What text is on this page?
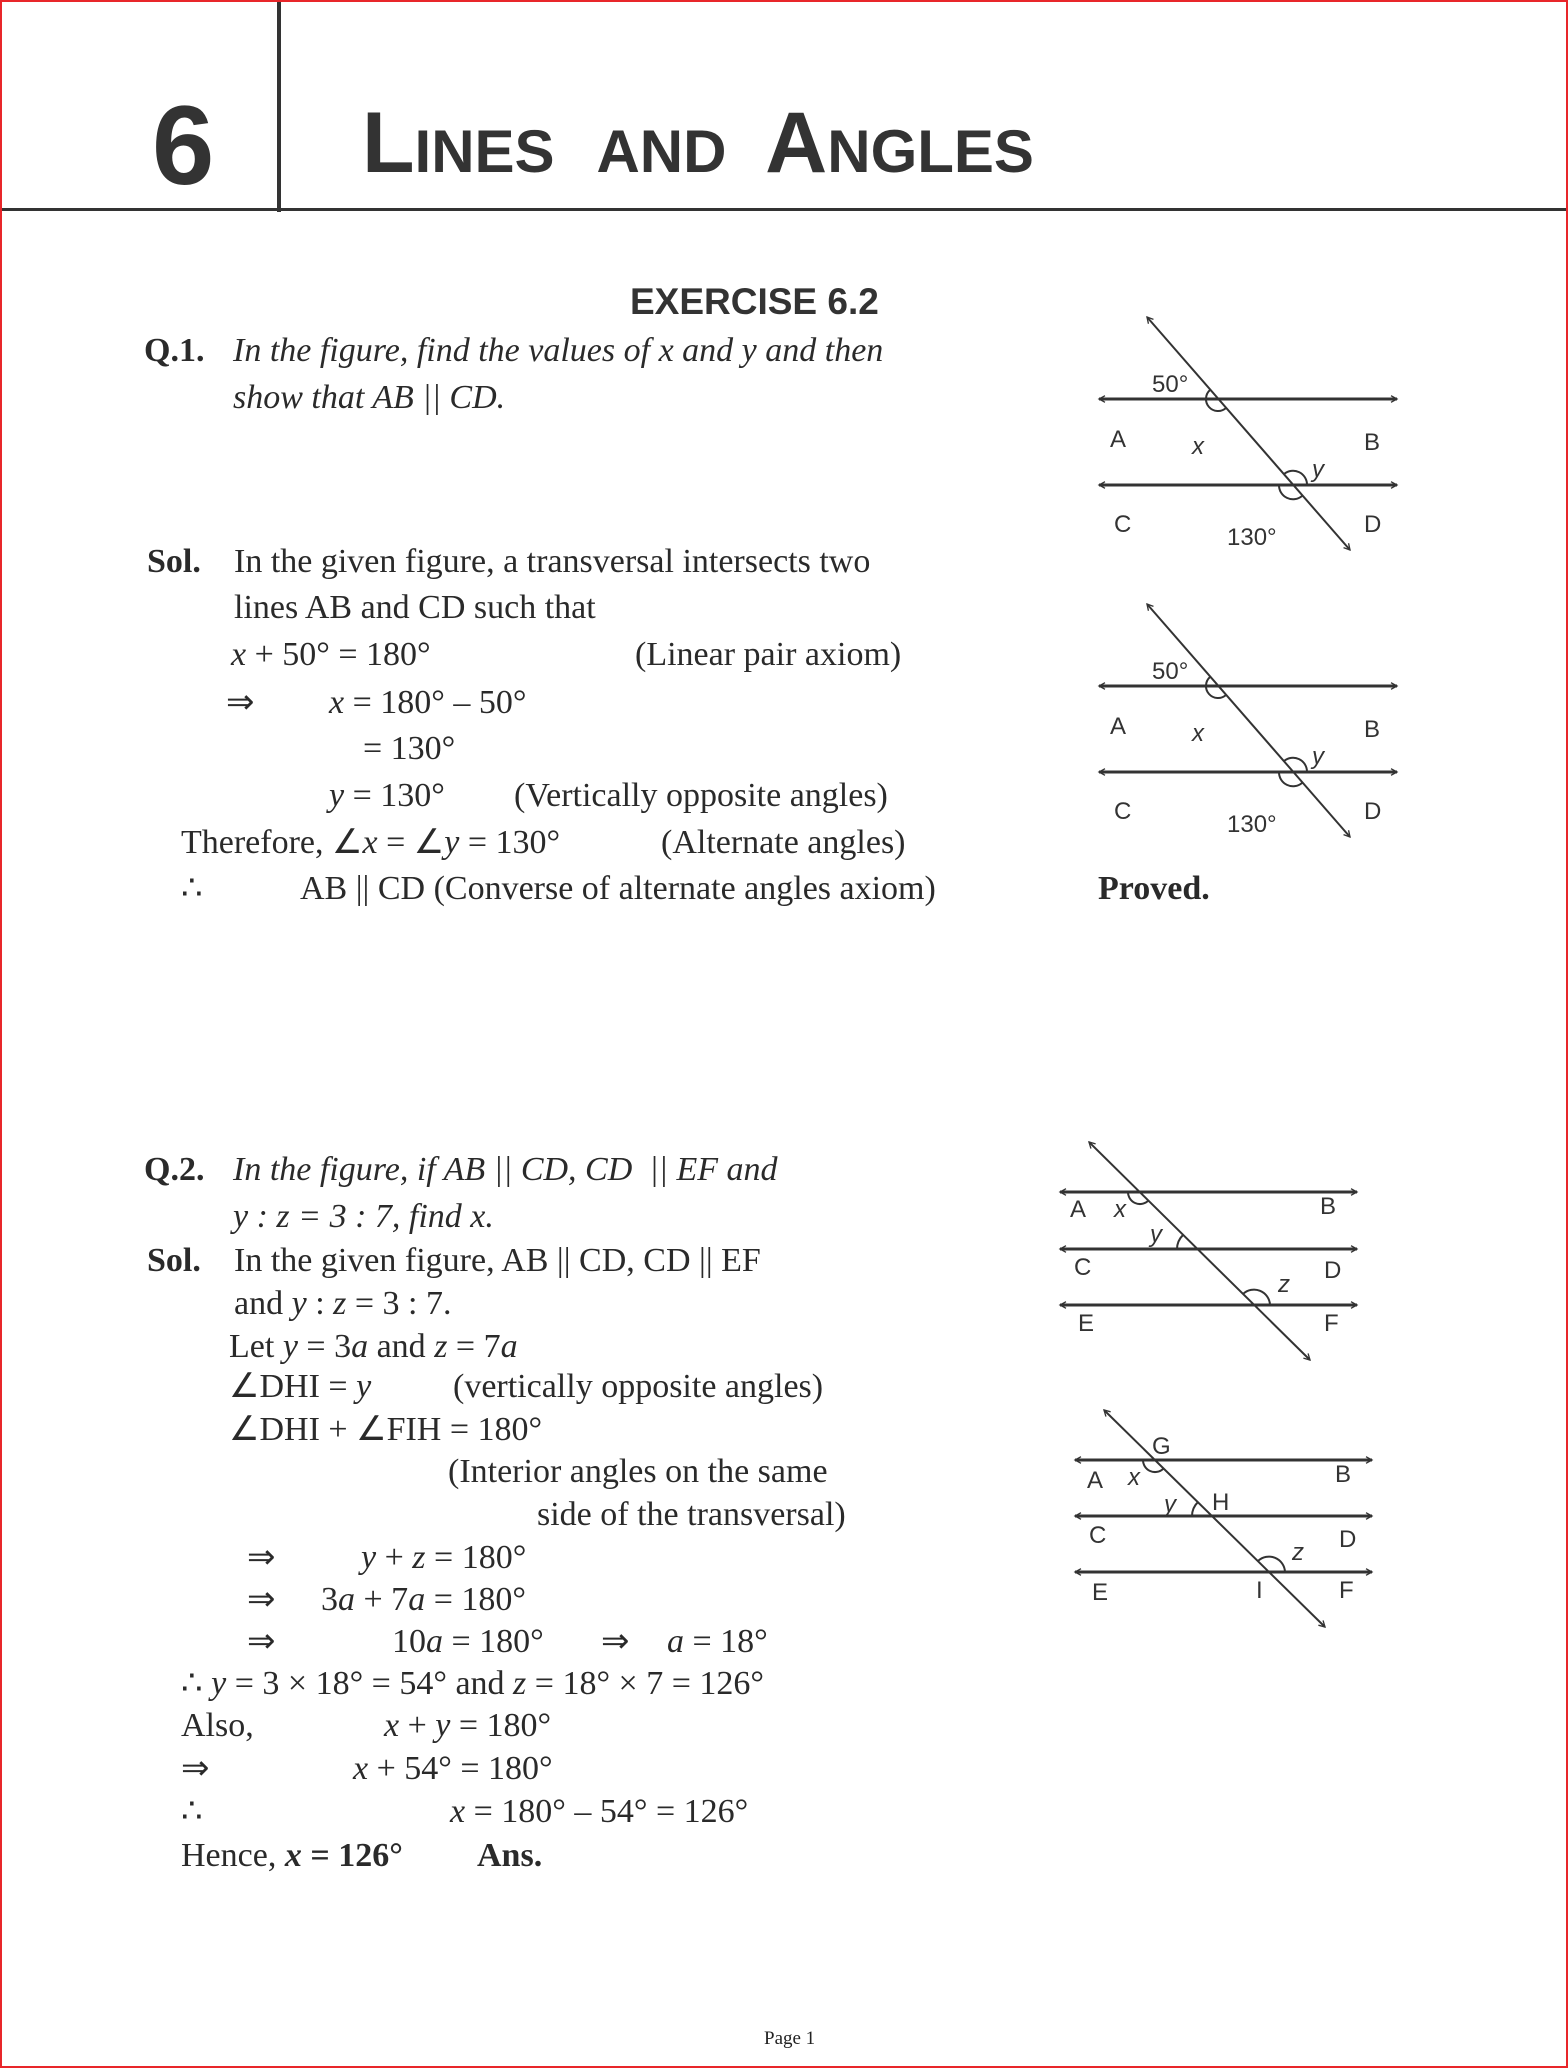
6 Lines and Angles
EXERCISE 6.2
Q.1. In the figure, find the values of x and y and then
show that AB || CD.
Sol. In the given figure, a transversal intersects two
lines AB and CD such that
x + 50° = 180°	(Linear pair axiom)
⇒ x = 180° – 50°
= 130°
y = 130° (Vertically opposite angles)
Therefore, ∠x = ∠y = 130°	(Alternate angles)
∴	AB || CD (Converse of alternate angles axiom)	Proved.
Q.2. In the figure, if AB || CD, CD  || EF and
y : z = 3 : 7, find x.
Sol. In the given figure, AB || CD, CD || EF
and y : z = 3 : 7.
Let y = 3a and z = 7a
∠DHI = y (vertically opposite angles)
∠DHI + ∠FIH = 180°
(Interior angles on the same
side of the transversal)
⇒	y + z = 180°
⇒ 3a + 7a = 180°
⇒	10a = 180° ⇒ a = 18°
∴ y = 3 × 18° = 54° and z = 18° × 7 = 126°
Also,	x + y = 180°
⇒	x + 54° = 180°
∴	x = 180° – 54° = 126°
Hence, x = 126° Ans.
Page 1
50°
A	x	B
y
C	130°	D
50°
A	x	B
y
C	130°	D
A x	B
y
C	D
z
E	F
G
A x	B
y H
C	D
z
E	I	F
